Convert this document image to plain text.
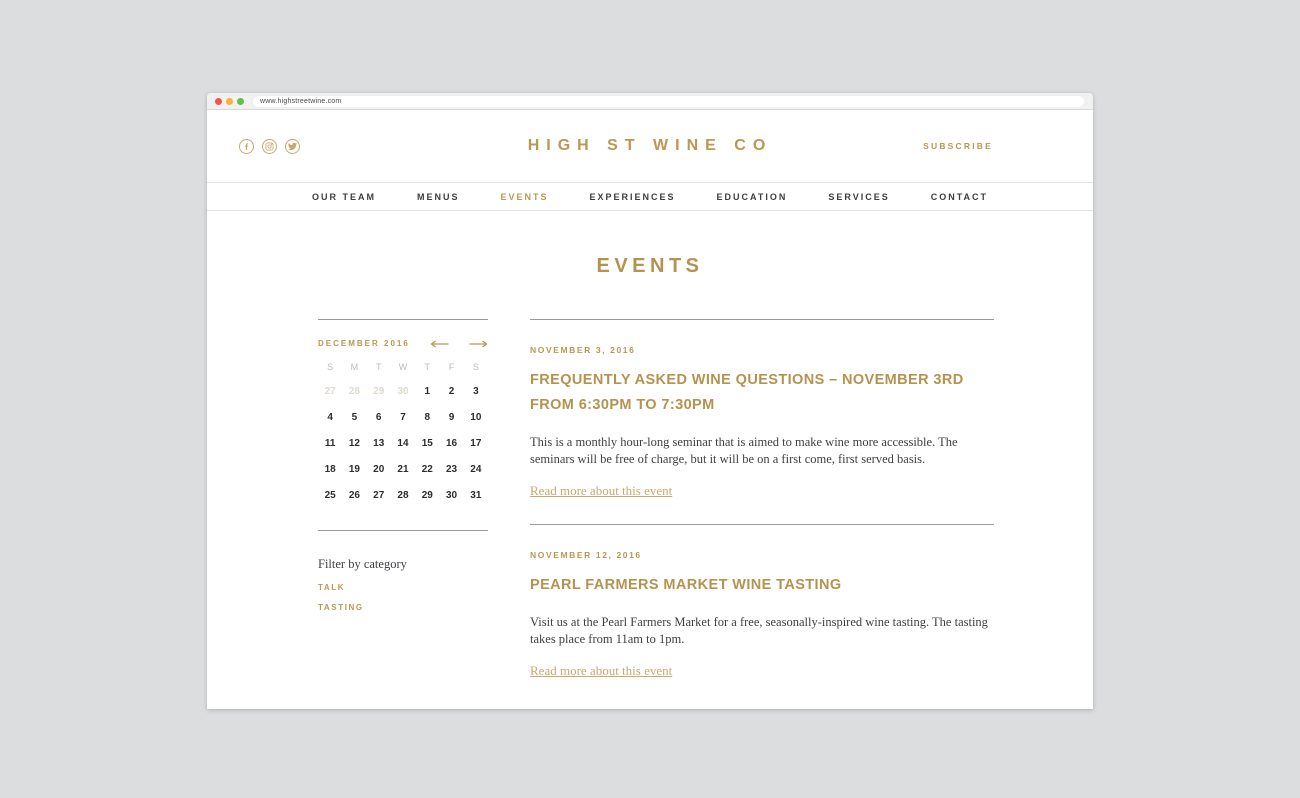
www.highstreetwine.com
HIGH ST WINE CO	SUBSCRIBE
OUR TEAM	MENUS	EVENTS	EXPERIENCES	EDUCATION	SERVICES	CONTACT
EVENTS
DECEMBER 2016
S M T W T F S
27 28 29 30 1 2 3
4 5 6 7 8 9 10
11 12 13 14 15 16 17
18 19 20 21 22 23 24
25 26 27 28 29 30 31
Filter by category
TALK
TASTING
NOVEMBER 3, 2016
FREQUENTLY ASKED WINE QUESTIONS – NOVEMBER 3RD FROM 6:30PM TO 7:30PM

This is a monthly hour-long seminar that is aimed to make wine more accessible. The seminars will be free of charge, but it will be on a first come, first served basis.

Read more about this event
NOVEMBER 12, 2016
PEARL FARMERS MARKET WINE TASTING

Visit us at the Pearl Farmers Market for a free, seasonally-inspired wine tasting. The tasting takes place from 11am to 1pm.

Read more about this event
